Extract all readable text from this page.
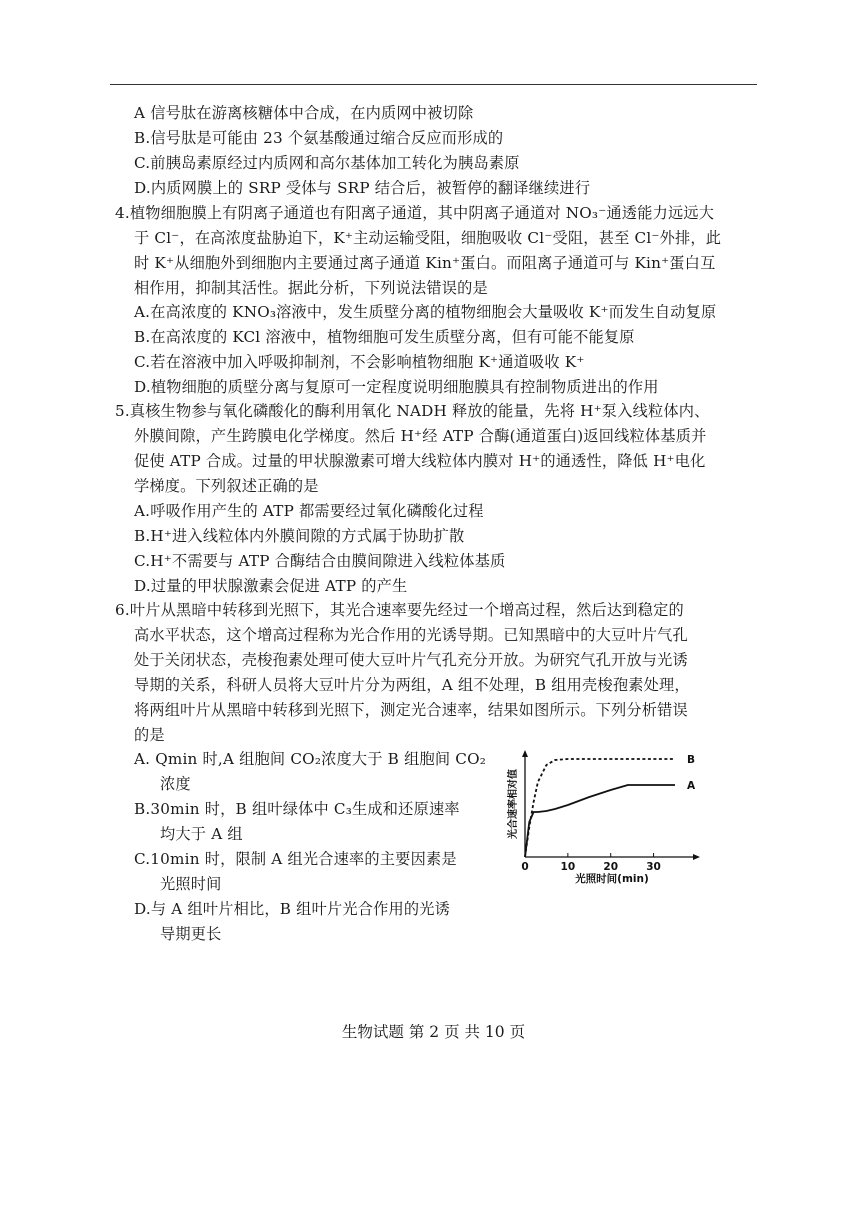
A 信号肽在游离核糖体中合成，在内质网中被切除
B.信号肽是可能由 23 个氨基酸通过缩合反应而形成的
C.前胰岛素原经过内质网和高尔基体加工转化为胰岛素原
D.内质网膜上的 SRP 受体与 SRP 结合后，被暂停的翻译继续进行
4.植物细胞膜上有阴离子通道也有阳离子通道，其中阴离子通道对 NO₃⁻通透能力远远大
于 Cl⁻，在高浓度盐胁迫下，K⁺主动运输受阻，细胞吸收 Cl⁻受阻，甚至 Cl⁻外排，此
时 K⁺从细胞外到细胞内主要通过离子通道 Kin⁺蛋白。而阻离子通道可与 Kin⁺蛋白互
相作用，抑制其活性。据此分析，下列说法错误的是
A.在高浓度的 KNO₃溶液中，发生质壁分离的植物细胞会大量吸收 K⁺而发生自动复原
B.在高浓度的 KCl 溶液中，植物细胞可发生质壁分离，但有可能不能复原
C.若在溶液中加入呼吸抑制剂，不会影响植物细胞 K⁺通道吸收 K⁺
D.植物细胞的质壁分离与复原可一定程度说明细胞膜具有控制物质进出的作用
5.真核生物参与氧化磷酸化的酶利用氧化 NADH 释放的能量，先将 H⁺泵入线粒体内、
外膜间隙，产生跨膜电化学梯度。然后 H⁺经 ATP 合酶(通道蛋白)返回线粒体基质并
促使 ATP 合成。过量的甲状腺激素可增大线粒体内膜对 H⁺的通透性，降低 H⁺电化
学梯度。下列叙述正确的是
A.呼吸作用产生的 ATP 都需要经过氧化磷酸化过程
B.H⁺进入线粒体内外膜间隙的方式属于协助扩散
C.H⁺不需要与 ATP 合酶结合由膜间隙进入线粒体基质
D.过量的甲状腺激素会促进 ATP 的产生
6.叶片从黑暗中转移到光照下，其光合速率要先经过一个增高过程，然后达到稳定的
高水平状态，这个增高过程称为光合作用的光诱导期。已知黑暗中的大豆叶片气孔
处于关闭状态，壳梭孢素处理可使大豆叶片气孔充分开放。为研究气孔开放与光诱
导期的关系，科研人员将大豆叶片分为两组，A 组不处理，B 组用壳梭孢素处理，
将两组叶片从黑暗中转移到光照下，测定光合速率，结果如图所示。下列分析错误
的是
A. Qmin 时,A 组胞间 CO₂浓度大于 B 组胞间 CO₂
浓度
B.30min 时，B 组叶绿体中 C₃生成和还原速率
均大于 A 组
C.10min 时，限制 A 组光合速率的主要因素是
光照时间
D.与 A 组叶片相比，B 组叶片光合作用的光诱
导期更长
0	10	20	30
B
A
光合速率相对值
光照时间(min)
生物试题 第 2 页 共 10 页
